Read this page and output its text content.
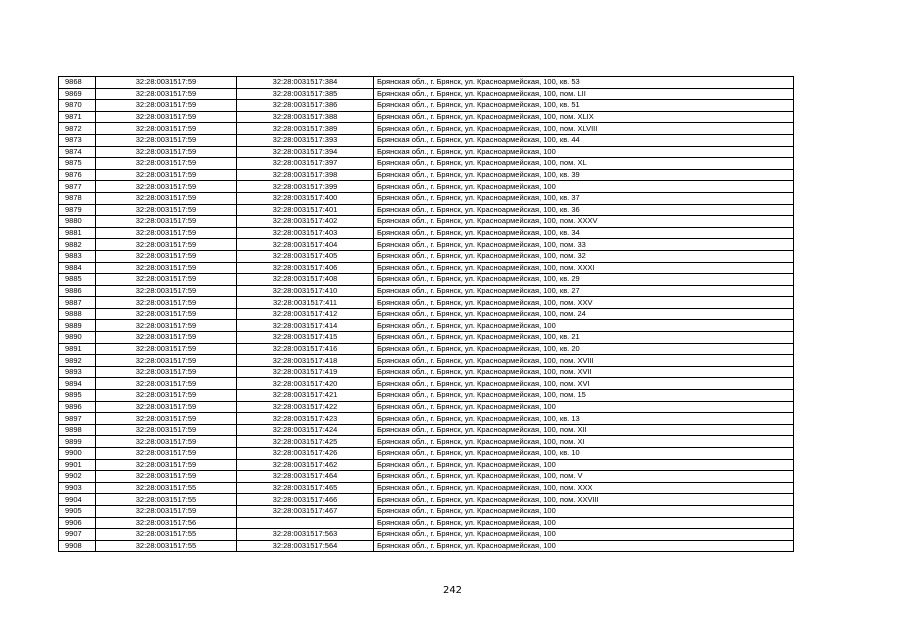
9868	32:28:0031517:59	32:28:0031517:384	Брянская обл., г. Брянск, ул. Красноармейская, 100, кв. 53
9869	32:28:0031517:59	32:28:0031517:385	Брянская обл., г. Брянск, ул. Красноармейская, 100, пом. LII
9870	32:28:0031517:59	32:28:0031517:386	Брянская обл., г. Брянск, ул. Красноармейская, 100, кв. 51
9871	32:28:0031517:59	32:28:0031517:388	Брянская обл., г. Брянск, ул. Красноармейская, 100, пом. XLIX
9872	32:28:0031517:59	32:28:0031517:389	Брянская обл., г. Брянск, ул. Красноармейская, 100, пом. XLVIII
9873	32:28:0031517:59	32:28:0031517:393	Брянская обл., г. Брянск, ул. Красноармейская, 100, кв. 44
9874	32:28:0031517:59	32:28:0031517:394	Брянская обл., г. Брянск, ул. Красноармейская, 100
9875	32:28:0031517:59	32:28:0031517:397	Брянская обл., г. Брянск, ул. Красноармейская, 100, пом. XL
9876	32:28:0031517:59	32:28:0031517:398	Брянская обл., г. Брянск, ул. Красноармейская, 100, кв. 39
9877	32:28:0031517:59	32:28:0031517:399	Брянская обл., г. Брянск, ул. Красноармейская, 100
9878	32:28:0031517:59	32:28:0031517:400	Брянская обл., г. Брянск, ул. Красноармейская, 100, кв. 37
9879	32:28:0031517:59	32:28:0031517:401	Брянская обл., г. Брянск, ул. Красноармейская, 100, кв. 36
9880	32:28:0031517:59	32:28:0031517:402	Брянская обл., г. Брянск, ул. Красноармейская, 100, пом. XXXV
9881	32:28:0031517:59	32:28:0031517:403	Брянская обл., г. Брянск, ул. Красноармейская, 100, кв. 34
9882	32:28:0031517:59	32:28:0031517:404	Брянская обл., г. Брянск, ул. Красноармейская, 100, пом. 33
9883	32:28:0031517:59	32:28:0031517:405	Брянская обл., г. Брянск, ул. Красноармейская, 100, пом. 32
9884	32:28:0031517:59	32:28:0031517:406	Брянская обл., г. Брянск, ул. Красноармейская, 100, пом. XXXI
9885	32:28:0031517:59	32:28:0031517:408	Брянская обл., г. Брянск, ул. Красноармейская, 100, кв. 29
9886	32:28:0031517:59	32:28:0031517:410	Брянская обл., г. Брянск, ул. Красноармейская, 100, кв. 27
9887	32:28:0031517:59	32:28:0031517:411	Брянская обл., г. Брянск, ул. Красноармейская, 100, пом. XXV
9888	32:28:0031517:59	32:28:0031517:412	Брянская обл., г. Брянск, ул. Красноармейская, 100, пом. 24
9889	32:28:0031517:59	32:28:0031517:414	Брянская обл., г. Брянск, ул. Красноармейская, 100
9890	32:28:0031517:59	32:28:0031517:415	Брянская обл., г. Брянск, ул. Красноармейская, 100, кв. 21
9891	32:28:0031517:59	32:28:0031517:416	Брянская обл., г. Брянск, ул. Красноармейская, 100, кв. 20
9892	32:28:0031517:59	32:28:0031517:418	Брянская обл., г. Брянск, ул. Красноармейская, 100, пом. XVIII
9893	32:28:0031517:59	32:28:0031517:419	Брянская обл., г. Брянск, ул. Красноармейская, 100, пом. XVII
9894	32:28:0031517:59	32:28:0031517:420	Брянская обл., г. Брянск, ул. Красноармейская, 100, пом. XVI
9895	32:28:0031517:59	32:28:0031517:421	Брянская обл., г. Брянск, ул. Красноармейская, 100, пом. 15
9896	32:28:0031517:59	32:28:0031517:422	Брянская обл., г. Брянск, ул. Красноармейская, 100
9897	32:28:0031517:59	32:28:0031517:423	Брянская обл., г. Брянск, ул. Красноармейская, 100, кв. 13
9898	32:28:0031517:59	32:28:0031517:424	Брянская обл., г. Брянск, ул. Красноармейская, 100, пом. XII
9899	32:28:0031517:59	32:28:0031517:425	Брянская обл., г. Брянск, ул. Красноармейская, 100, пом. XI
9900	32:28:0031517:59	32:28:0031517:426	Брянская обл., г. Брянск, ул. Красноармейская, 100, кв. 10
9901	32:28:0031517:59	32:28:0031517:462	Брянская обл., г. Брянск, ул. Красноармейская, 100
9902	32:28:0031517:59	32:28:0031517:464	Брянская обл., г. Брянск, ул. Красноармейская, 100, пом. V
9903	32:28:0031517:55	32:28:0031517:465	Брянская обл., г. Брянск, ул. Красноармейская, 100, пом. XXX
9904	32:28:0031517:55	32:28:0031517:466	Брянская обл., г. Брянск, ул. Красноармейская, 100, пом. XXVIII
9905	32:28:0031517:59	32:28:0031517:467	Брянская обл., г. Брянск, ул. Красноармейская, 100
9906	32:28:0031517:56		Брянская обл., г. Брянск, ул. Красноармейская, 100
9907	32:28:0031517:55	32:28:0031517:563	Брянская обл., г. Брянск, ул. Красноармейская, 100
9908	32:28:0031517:55	32:28:0031517:564	Брянская обл., г. Брянск, ул. Красноармейская, 100
242
